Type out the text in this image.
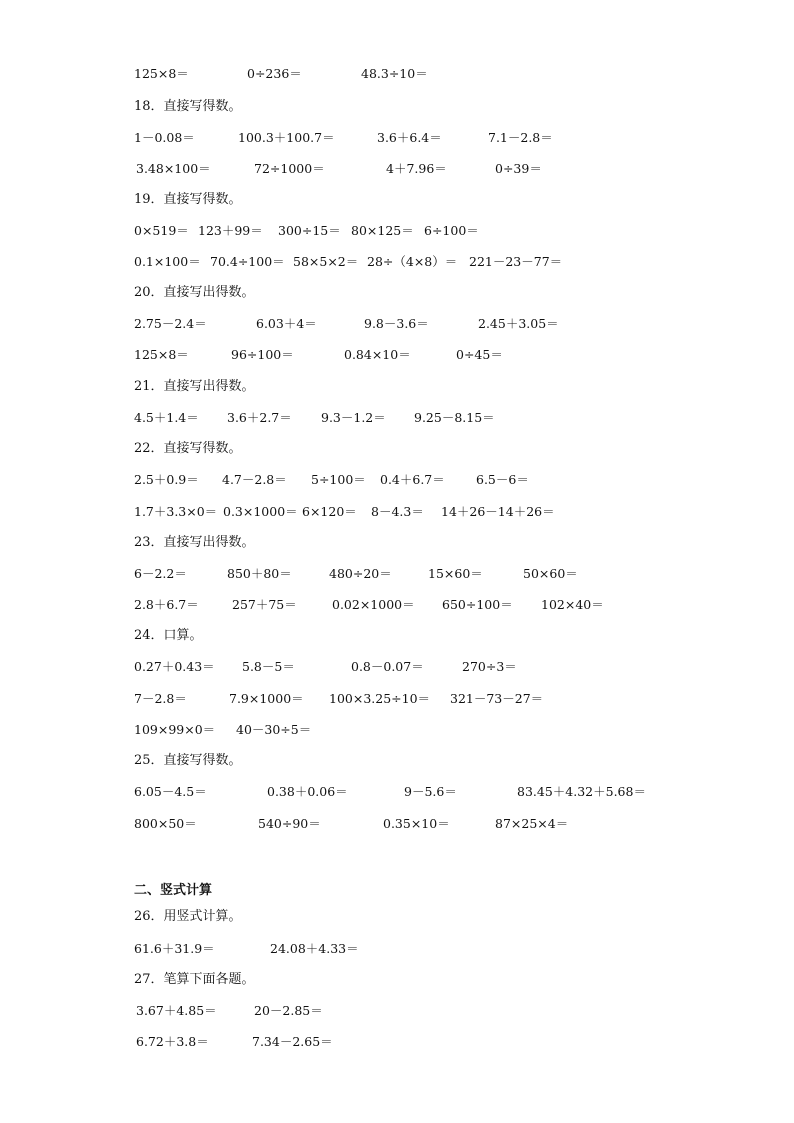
125×8＝	0÷236＝	48.3÷10＝
18．直接写得数。
1－0.08＝	100.3＋100.7＝	3.6＋6.4＝	7.1－2.8＝
3.48×100＝	72÷1000＝	4＋7.96＝	0÷39＝
19．直接写得数。
0×519＝ 123＋99＝ 300÷15＝ 80×125＝ 6÷100＝
0.1×100＝ 70.4÷100＝ 58×5×2＝ 28÷（4×8）＝ 221－23－77＝
20．直接写出得数。
2.75－2.4＝	6.03＋4＝	9.8－3.6＝	2.45＋3.05＝
125×8＝	96÷100＝	0.84×10＝	0÷45＝
21．直接写出得数。
4.5＋1.4＝ 3.6＋2.7＝ 9.3－1.2＝ 9.25－8.15＝
22．直接写得数。
2.5＋0.9＝ 4.7－2.8＝ 5÷100＝ 0.4＋6.7＝ 6.5－6＝
1.7＋3.3×0＝ 0.3×1000＝ 6×120＝ 8－4.3＝ 14＋26－14＋26＝
23．直接写出得数。
6－2.2＝	850＋80＝	480÷20＝	15×60＝	50×60＝
2.8＋6.7＝	257＋75＝	0.02×1000＝ 650÷100＝ 102×40＝
24．口算。
0.27＋0.43＝ 5.8－5＝	0.8－0.07＝	270÷3＝
7－2.8＝	7.9×1000＝ 100×3.25÷10＝ 321－73－27＝
109×99×0＝ 40－30÷5＝
25．直接写得数。
6.05－4.5＝	0.38＋0.06＝	9－5.6＝	83.45＋4.32＋5.68＝
800×50＝	540÷90＝	0.35×10＝	87×25×4＝
二、竖式计算
26．用竖式计算。
61.6＋31.9＝	24.08＋4.33＝
27．笔算下面各题。
3.67＋4.85＝	20－2.85＝
6.72＋3.8＝	7.34－2.65＝
